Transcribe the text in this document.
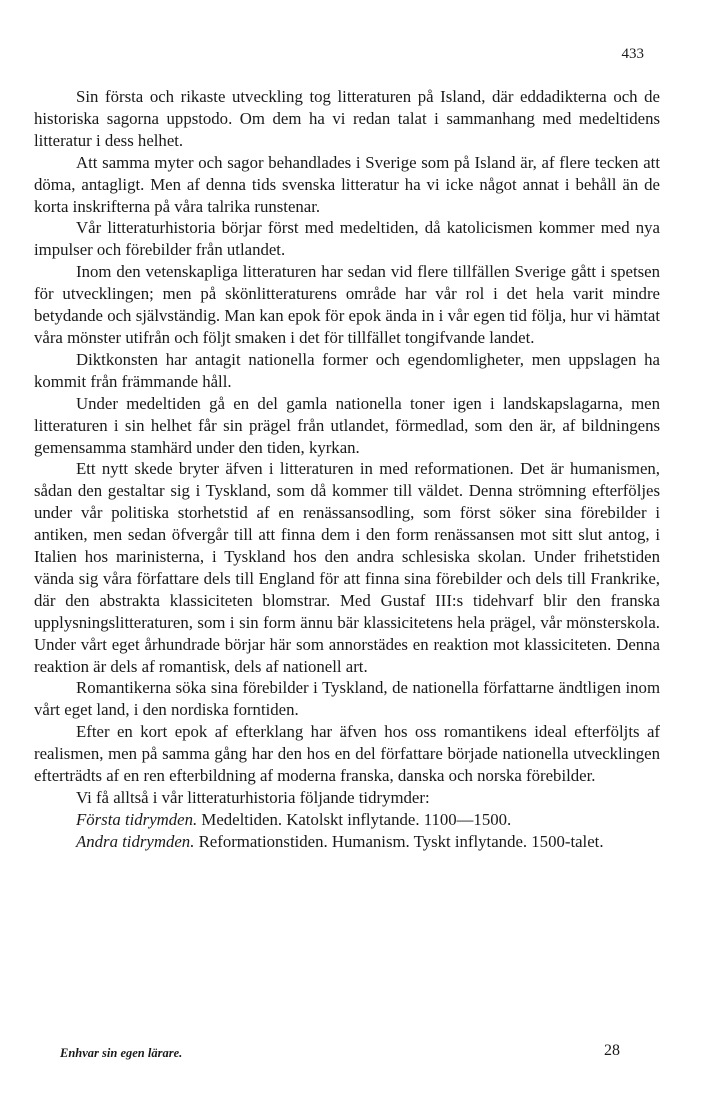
433

Sin första och rikaste utveckling tog litteraturen på Island, där eddadikterna och de historiska sagorna uppstodo. Om dem ha vi redan talat i sammanhang med medeltidens litteratur i dess helhet.

Att samma myter och sagor behandlades i Sverige som på Island är, af flere tecken att döma, antagligt. Men af denna tids svenska litteratur ha vi icke något annat i behåll än de korta inskrifterna på våra talrika runstenar.

Vår litteraturhistoria börjar först med medeltiden, då katolicismen kommer med nya impulser och förebilder från utlandet.

Inom den vetenskapliga litteraturen har sedan vid flere tillfällen Sverige gått i spetsen för utvecklingen; men på skönlitteraturens område har vår rol i det hela varit mindre betydande och självständig. Man kan epok för epok ända in i vår egen tid följa, hur vi hämtat våra mönster utifrån och följt smaken i det för tillfället tongifvande landet.

Diktkonsten har antagit nationella former och egendomligheter, men uppslagen ha kommit från främmande håll.

Under medeltiden gå en del gamla nationella toner igen i landskapslagarna, men litteraturen i sin helhet får sin prägel från utlandet, förmedlad, som den är, af bildningens gemensamma stamhärd under den tiden, kyrkan.

Ett nytt skede bryter äfven i litteraturen in med reformationen. Det är humanismen, sådan den gestaltar sig i Tyskland, som då kommer till väldet. Denna strömning efterföljes under vår politiska storhetstid af en renässansodling, som först söker sina förebilder i antiken, men sedan öfvergår till att finna dem i den form renässansen mot sitt slut antog, i Italien hos marinisterna, i Tyskland hos den andra schlesiska skolan. Under frihetstiden vända sig våra författare dels till England för att finna sina förebilder och dels till Frankrike, där den abstrakta klassiciteten blomstrar. Med Gustaf III:s tidehvarf blir den franska upplysningslitteraturen, som i sin form ännu bär klassicitetens hela prägel, vår mönsterskola. Under vårt eget århundrade börjar här som annorstädes en reaktion mot klassiciteten. Denna reaktion är dels af romantisk, dels af nationell art.

Romantikerna söka sina förebilder i Tyskland, de nationella författarne ändtligen inom vårt eget land, i den nordiska forntiden.

Efter en kort epok af efterklang har äfven hos oss romantikens ideal efterföljts af realismen, men på samma gång har den hos en del författare började nationella utvecklingen efterträdts af en ren efterbildning af moderna franska, danska och norska förebilder.

Vi få alltså i vår litteraturhistoria följande tidrymder:

Första tidrymden. Medeltiden. Katolskt inflytande. 1100—1500.

Andra tidrymden. Reformationstiden. Humanism. Tyskt inflytande. 1500-talet.

Enhvar sin egen lärare.	28
